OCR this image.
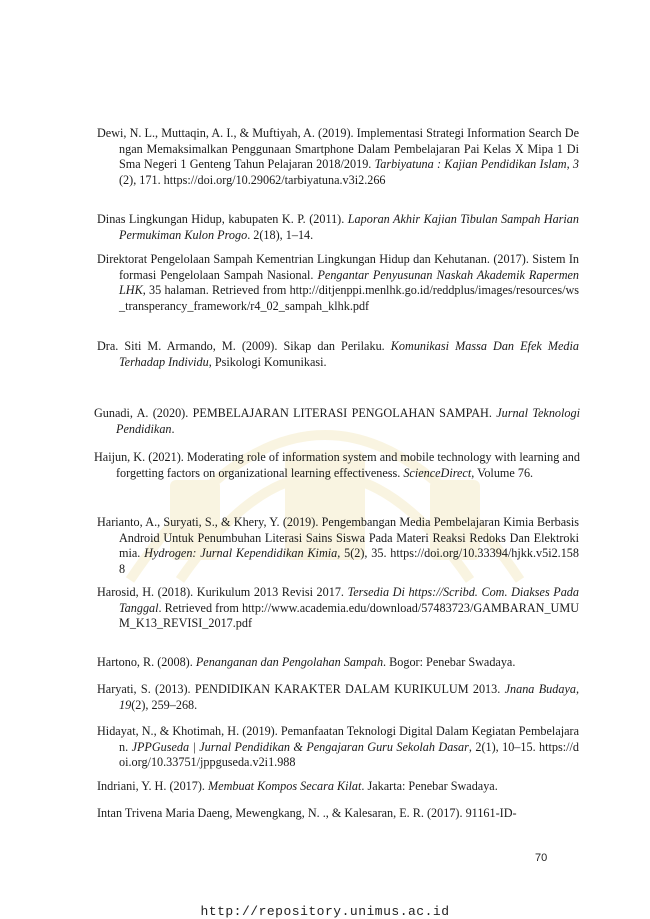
Dewi, N. L., Muttaqin, A. I., & Muftiyah, A. (2019). Implementasi Strategi Information Search Dengan Memaksimalkan Penggunaan Smartphone Dalam Pembelajaran Pai Kelas X Mipa 1 Di Sma Negeri 1 Genteng Tahun Pelajaran 2018/2019. Tarbiyatuna : Kajian Pendidikan Islam, 3(2), 171. https://doi.org/10.29062/tarbiyatuna.v3i2.266

Dinas Lingkungan Hidup, kabupaten K. P. (2011). Laporan Akhir Kajian Tibulan Sampah Harian Permukiman Kulon Progo. 2(18), 1–14.

Direktorat Pengelolaan Sampah Kementrian Lingkungan Hidup dan Kehutanan. (2017). Sistem Informasi Pengelolaan Sampah Nasional. Pengantar Penyusunan Naskah Akademik Rapermen LHK, 35 halaman. Retrieved from http://ditjenppi.menlhk.go.id/reddplus/images/resources/ws_transperancy_framework/r4_02_sampah_klhk.pdf

Dra. Siti M. Armando, M. (2009). Sikap dan Perilaku. Komunikasi Massa Dan Efek Media Terhadap Individu, Psikologi Komunikasi.

Gunadi, A. (2020). PEMBELAJARAN LITERASI PENGOLAHAN SAMPAH. Jurnal Teknologi Pendidikan.

Haijun, K. (2021). Moderating role of information system and mobile technology with learning and forgetting factors on organizational learning effectiveness. ScienceDirect, Volume 76.

Harianto, A., Suryati, S., & Khery, Y. (2019). Pengembangan Media Pembelajaran Kimia Berbasis Android Untuk Penumbuhan Literasi Sains Siswa Pada Materi Reaksi Redoks Dan Elektrokimia. Hydrogen: Jurnal Kependidikan Kimia, 5(2), 35. https://doi.org/10.33394/hjkk.v5i2.1588

Harosid, H. (2018). Kurikulum 2013 Revisi 2017. Tersedia Di https://Scribd. Com. Diakses Pada Tanggal. Retrieved from http://www.academia.edu/download/57483723/GAMBARAN_UMUM_K13_REVISI_2017.pdf

Hartono, R. (2008). Penanganan dan Pengolahan Sampah. Bogor: Penebar Swadaya.

Haryati, S. (2013). PENDIDIKAN KARAKTER DALAM KURIKULUM 2013. Jnana Budaya, 19(2), 259–268.

Hidayat, N., & Khotimah, H. (2019). Pemanfaatan Teknologi Digital Dalam Kegiatan Pembelajaran. JPPGuseda | Jurnal Pendidikan & Pengajaran Guru Sekolah Dasar, 2(1), 10–15. https://doi.org/10.33751/jppguseda.v2i1.988

Indriani, Y. H. (2017). Membuat Kompos Secara Kilat. Jakarta: Penebar Swadaya.

Intan Trivena Maria Daeng, Mewengkang, N. ., & Kalesaran, E. R. (2017). 91161-ID-

70
http://repository.unimus.ac.id
